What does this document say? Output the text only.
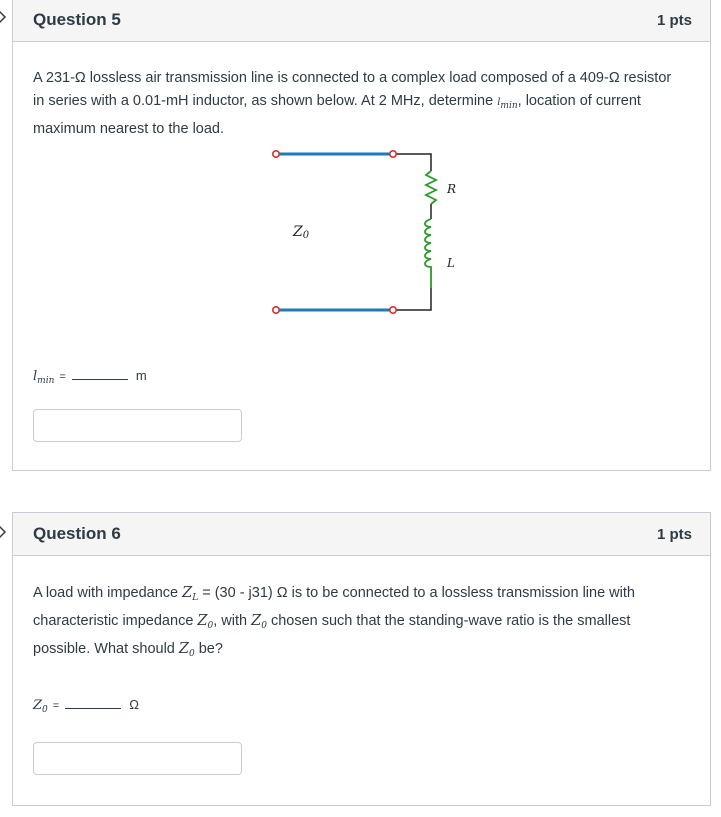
Question 5	1 pts
A 231-Ω lossless air transmission line is connected to a complex load composed of a 409-Ω resistor
in series with a 0.01-mH inductor, as shown below. At 2 MHz, determine lmin, location of current
maximum nearest to the load.
Z0
R
L
$l_{min}$ =	m
Question 6	1 pts
A load with impedance $Z_L = (30 - j31)$ Ω is to be connected to a lossless transmission line with
characteristic impedance $Z_0$, with $Z_0$ chosen such that the standing-wave ratio is the smallest
possible. What should $Z_0$ be?
$Z_0$ =	Ω
